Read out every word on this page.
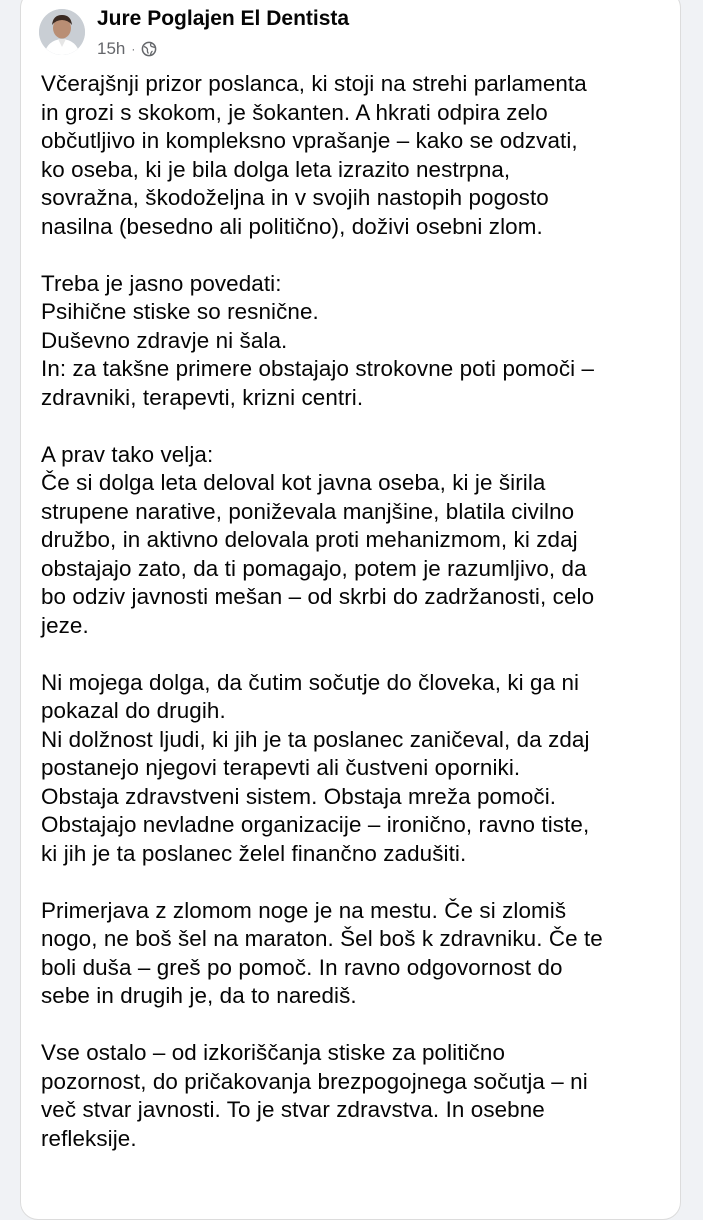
Jure Poglajen El Dentista
15h ·
Včerajšnji prizor poslanca, ki stoji na strehi parlamenta
in grozi s skokom, je šokanten. A hkrati odpira zelo
občutljivo in kompleksno vprašanje – kako se odzvati,
ko oseba, ki je bila dolga leta izrazito nestrpna,
sovražna, škodoželjna in v svojih nastopih pogosto
nasilna (besedno ali politično), doživi osebni zlom.
Treba je jasno povedati:
Psihične stiske so resnične.
Duševno zdravje ni šala.
In: za takšne primere obstajajo strokovne poti pomoči –
zdravniki, terapevti, krizni centri.
A prav tako velja:
Če si dolga leta deloval kot javna oseba, ki je širila
strupene narative, poniževala manjšine, blatila civilno
družbo, in aktivno delovala proti mehanizmom, ki zdaj
obstajajo zato, da ti pomagajo, potem je razumljivo, da
bo odziv javnosti mešan – od skrbi do zadržanosti, celo
jeze.
Ni mojega dolga, da čutim sočutje do človeka, ki ga ni
pokazal do drugih.
Ni dolžnost ljudi, ki jih je ta poslanec zaničeval, da zdaj
postanejo njegovi terapevti ali čustveni oporniki.
Obstaja zdravstveni sistem. Obstaja mreža pomoči.
Obstajajo nevladne organizacije – ironično, ravno tiste,
ki jih je ta poslanec želel finančno zadušiti.
Primerjava z zlomom noge je na mestu. Če si zlomiš
nogo, ne boš šel na maraton. Šel boš k zdravniku. Če te
boli duša – greš po pomoč. In ravno odgovornost do
sebe in drugih je, da to narediš.
Vse ostalo – od izkoriščanja stiske za politično
pozornost, do pričakovanja brezpogojnega sočutja – ni
več stvar javnosti. To je stvar zdravstva. In osebne
refleksije.
